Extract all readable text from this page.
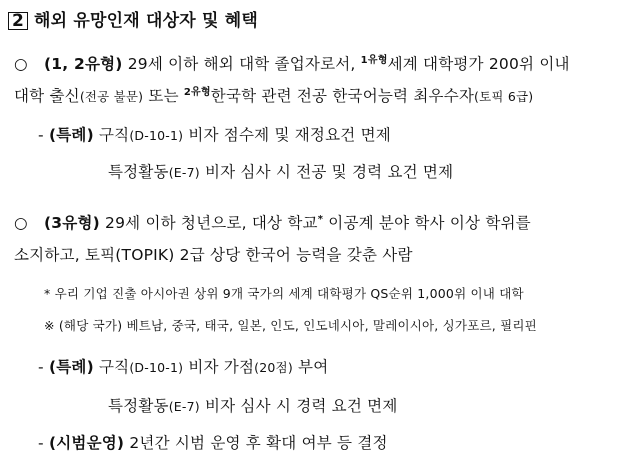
2 해외 유망인재 대상자 및 혜택
○ (1, 2유형) 29세 이하 해외 대학 졸업자로서, $^{1유형}$세계 대학평가 200위 이내
대학 출신(전공 불문) 또는 $^{2유형}$한국학 관련 전공 한국어능력 최우수자(토픽 6급)
- (특례) 구직(D-10-1) 비자 점수제 및 재정요건 면제
특정활동(E-7) 비자 심사 시 전공 및 경력 요건 면제
○ (3유형) 29세 이하 청년으로, 대상 학교* 이공계 분야 학사 이상 학위를
소지하고, 토픽(TOPIK) 2급 상당 한국어 능력을 갖춘 사람
* 우리 기업 진출 아시아권 상위 9개 국가의 세계 대학평가 QS순위 1,000위 이내 대학
※ (해당 국가) 베트남, 중국, 태국, 일본, 인도, 인도네시아, 말레이시아, 싱가포르, 필리핀
- (특례) 구직(D-10-1) 비자 가점(20점) 부여
특정활동(E-7) 비자 심사 시 경력 요건 면제
- (시범운영) 2년간 시범 운영 후 확대 여부 등 결정
